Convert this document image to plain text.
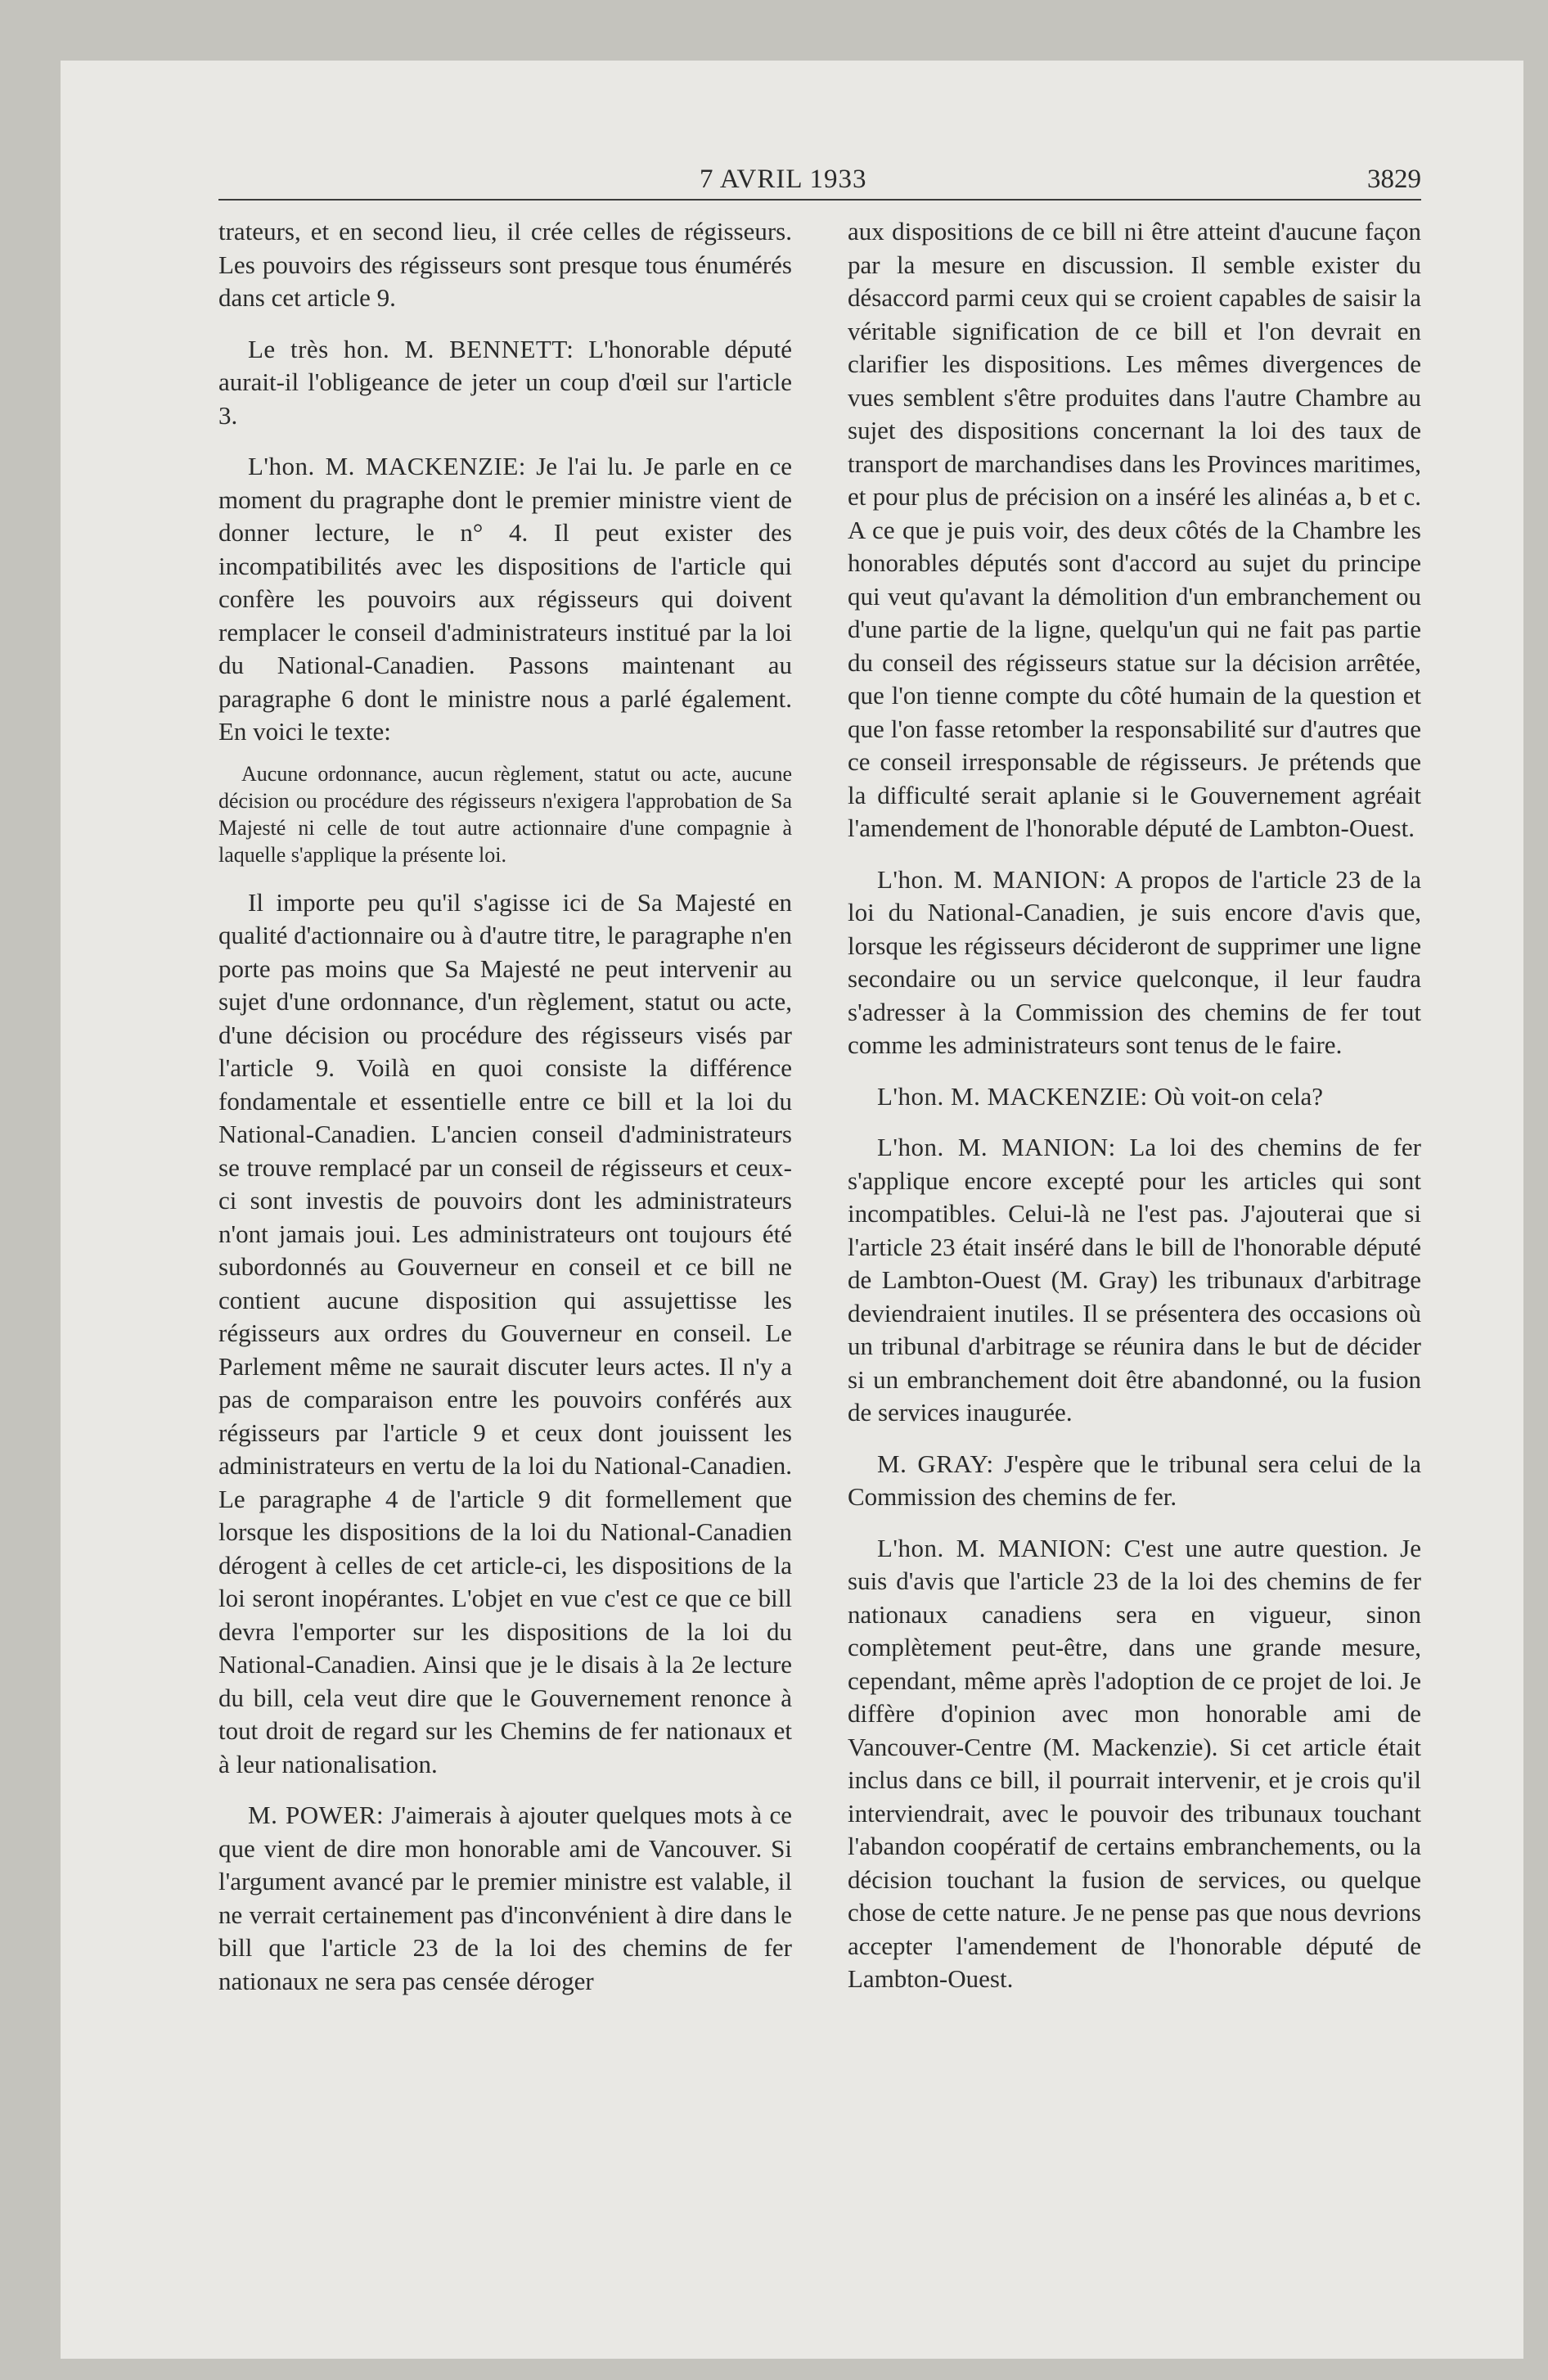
7 AVRIL 1933	3829

trateurs, et en second lieu, il crée celles de régisseurs. Les pouvoirs des régisseurs sont presque tous énumérés dans cet article 9.

Le très hon. M. BENNETT: L'honorable député aurait-il l'obligeance de jeter un coup d'œil sur l'article 3.

L'hon. M. MACKENZIE: Je l'ai lu. Je parle en ce moment du pragraphe dont le premier ministre vient de donner lecture, le n° 4. Il peut exister des incompatibilités avec les dispositions de l'article qui confère les pouvoirs aux régisseurs qui doivent remplacer le conseil d'administrateurs institué par la loi du National-Canadien. Passons maintenant au paragraphe 6 dont le ministre nous a parlé également. En voici le texte:

Aucune ordonnance, aucun règlement, statut ou acte, aucune décision ou procédure des régisseurs n'exigera l'approbation de Sa Majesté ni celle de tout autre actionnaire d'une compagnie à laquelle s'applique la présente loi.

Il importe peu qu'il s'agisse ici de Sa Majesté en qualité d'actionnaire ou à d'autre titre, le paragraphe n'en porte pas moins que Sa Majesté ne peut intervenir au sujet d'une ordonnance, d'un règlement, statut ou acte, d'une décision ou procédure des régisseurs visés par l'article 9. Voilà en quoi consiste la différence fondamentale et essentielle entre ce bill et la loi du National-Canadien. L'ancien conseil d'administrateurs se trouve remplacé par un conseil de régisseurs et ceux-ci sont investis de pouvoirs dont les administrateurs n'ont jamais joui. Les administrateurs ont toujours été subordonnés au Gouverneur en conseil et ce bill ne contient aucune disposition qui assujettisse les régisseurs aux ordres du Gouverneur en conseil. Le Parlement même ne saurait discuter leurs actes. Il n'y a pas de comparaison entre les pouvoirs conférés aux régisseurs par l'article 9 et ceux dont jouissent les administrateurs en vertu de la loi du National-Canadien. Le paragraphe 4 de l'article 9 dit formellement que lorsque les dispositions de la loi du National-Canadien dérogent à celles de cet article-ci, les dispositions de la loi seront inopérantes. L'objet en vue c'est ce que ce bill devra l'emporter sur les dispositions de la loi du National-Canadien. Ainsi que je le disais à la 2e lecture du bill, cela veut dire que le Gouvernement renonce à tout droit de regard sur les Chemins de fer nationaux et à leur nationalisation.

M. POWER: J'aimerais à ajouter quelques mots à ce que vient de dire mon honorable ami de Vancouver. Si l'argument avancé par le premier ministre est valable, il ne verrait certainement pas d'inconvénient à dire dans le bill que l'article 23 de la loi des chemins de fer nationaux ne sera pas censée déroger

aux dispositions de ce bill ni être atteint d'aucune façon par la mesure en discussion. Il semble exister du désaccord parmi ceux qui se croient capables de saisir la véritable signification de ce bill et l'on devrait en clarifier les dispositions. Les mêmes divergences de vues semblent s'être produites dans l'autre Chambre au sujet des dispositions concernant la loi des taux de transport de marchandises dans les Provinces maritimes, et pour plus de précision on a inséré les alinéas a, b et c. A ce que je puis voir, des deux côtés de la Chambre les honorables députés sont d'accord au sujet du principe qui veut qu'avant la démolition d'un embranchement ou d'une partie de la ligne, quelqu'un qui ne fait pas partie du conseil des régisseurs statue sur la décision arrêtée, que l'on tienne compte du côté humain de la question et que l'on fasse retomber la responsabilité sur d'autres que ce conseil irresponsable de régisseurs. Je prétends que la difficulté serait aplanie si le Gouvernement agréait l'amendement de l'honorable député de Lambton-Ouest.

L'hon. M. MANION: A propos de l'article 23 de la loi du National-Canadien, je suis encore d'avis que, lorsque les régisseurs décideront de supprimer une ligne secondaire ou un service quelconque, il leur faudra s'adresser à la Commission des chemins de fer tout comme les administrateurs sont tenus de le faire.

L'hon. M. MACKENZIE: Où voit-on cela?

L'hon. M. MANION: La loi des chemins de fer s'applique encore excepté pour les articles qui sont incompatibles. Celui-là ne l'est pas. J'ajouterai que si l'article 23 était inséré dans le bill de l'honorable député de Lambton-Ouest (M. Gray) les tribunaux d'arbitrage deviendraient inutiles. Il se présentera des occasions où un tribunal d'arbitrage se réunira dans le but de décider si un embranchement doit être abandonné, ou la fusion de services inaugurée.

M. GRAY: J'espère que le tribunal sera celui de la Commission des chemins de fer.

L'hon. M. MANION: C'est une autre question. Je suis d'avis que l'article 23 de la loi des chemins de fer nationaux canadiens sera en vigueur, sinon complètement peut-être, dans une grande mesure, cependant, même après l'adoption de ce projet de loi. Je diffère d'opinion avec mon honorable ami de Vancouver-Centre (M. Mackenzie). Si cet article était inclus dans ce bill, il pourrait intervenir, et je crois qu'il interviendrait, avec le pouvoir des tribunaux touchant l'abandon coopératif de certains embranchements, ou la décision touchant la fusion de services, ou quelque chose de cette nature. Je ne pense pas que nous devrions accepter l'amendement de l'honorable député de Lambton-Ouest.
